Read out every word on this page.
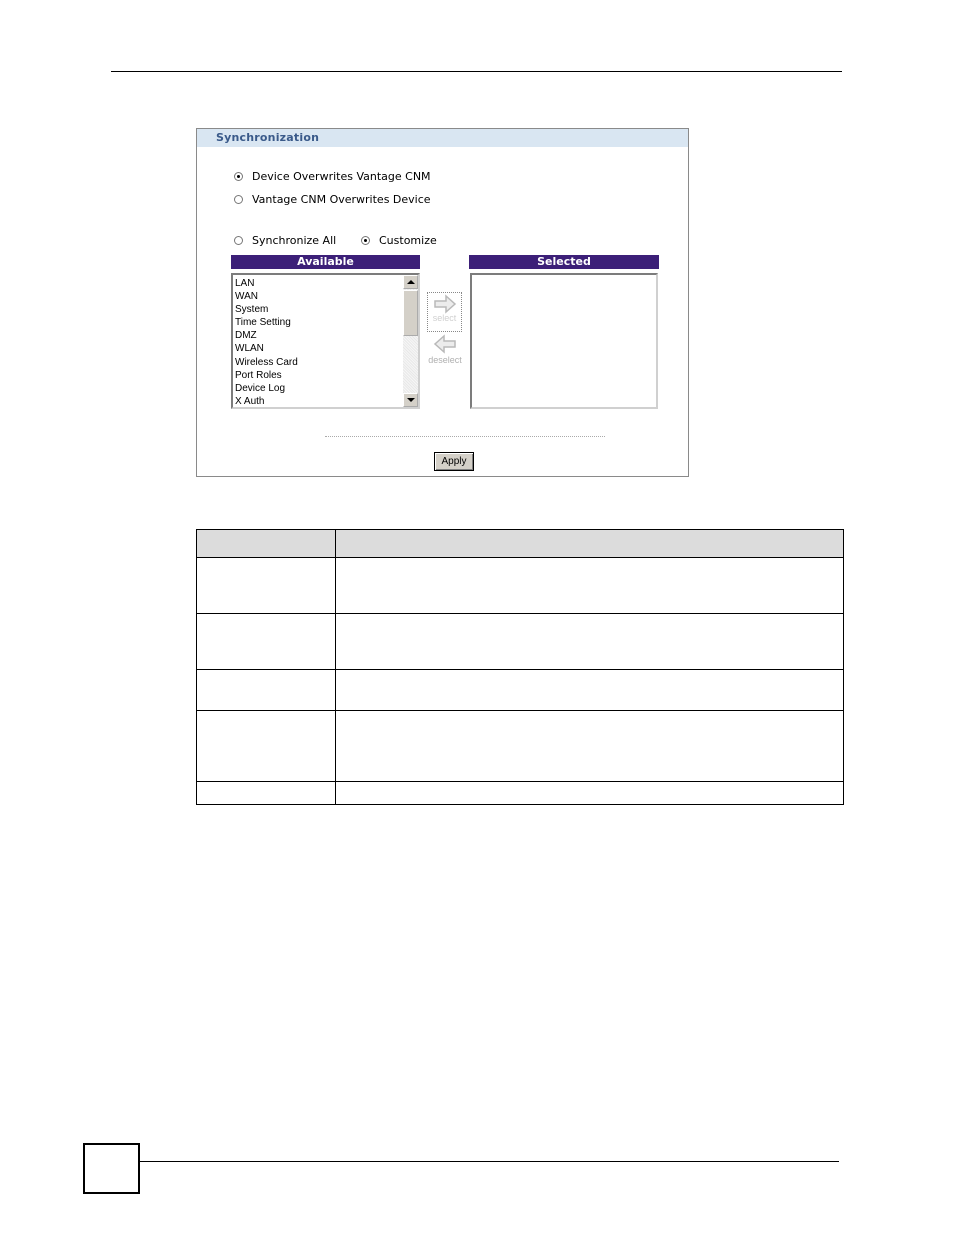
Synchronization
Device Overwrites Vantage CNM
Vantage CNM Overwrites Device
Synchronize All	Customize
Available	Selected
LAN
WAN
System
Time Setting
DMZ
WLAN
Wireless Card
Port Roles
Device Log
X Auth
select
deselect
Apply
